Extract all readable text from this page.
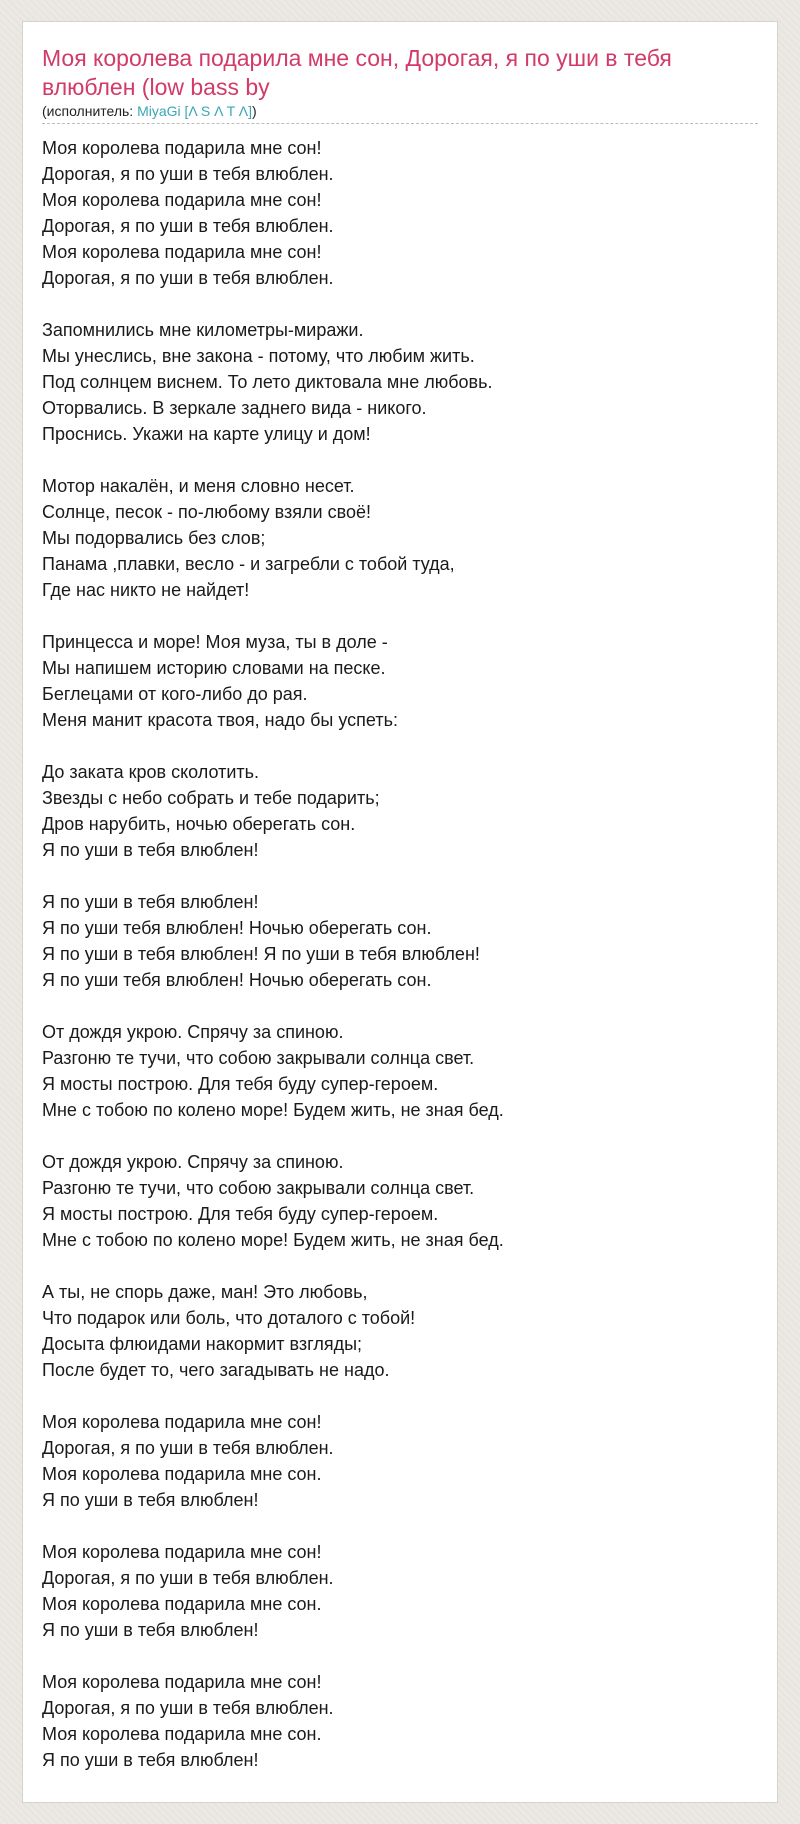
Моя королева подарила мне сон, Дорогая, я по уши в тебя влюблен (low bass by
(исполнитель: MiyaGi [Λ S Λ T Λ])
Моя королева подарила мне сон!
Дорогая, я по уши в тебя влюблен.
Моя королева подарила мне сон!
Дорогая, я по уши в тебя влюблен.
Моя королева подарила мне сон!
Дорогая, я по уши в тебя влюблен.
Запомнились мне километры-миражи.
Мы унеслись, вне закона - потому, что любим жить.
Под солнцем виснем. То лето диктовала мне любовь.
Оторвались. В зеркале заднего вида - никого.
Проснись. Укажи на карте улицу и дом!
Мотор накалён, и меня словно несет.
Солнце, песок - по-любому взяли своё!
Мы подорвались без слов;
Панама ,плавки, весло - и загребли с тобой туда,
Где нас никто не найдет!
Принцесса и море! Моя муза, ты в доле -
Мы напишем историю словами на песке.
Беглецами от кого-либо до рая.
Меня манит красота твоя, надо бы успеть:
До заката кров сколотить.
Звезды с небо собрать и тебе подарить;
Дров нарубить, ночью оберегать сон.
Я по уши в тебя влюблен!
Я по уши в тебя влюблен!
Я по уши тебя влюблен! Ночью оберегать сон.
Я по уши в тебя влюблен! Я по уши в тебя влюблен!
Я по уши тебя влюблен! Ночью оберегать сон.
От дождя укрою. Спрячу за спиною.
Разгоню те тучи, что собою закрывали солнца свет.
Я мосты построю. Для тебя буду супер-героем.
Мне с тобою по колено море! Будем жить, не зная бед.
От дождя укрою. Спрячу за спиною.
Разгоню те тучи, что собою закрывали солнца свет.
Я мосты построю. Для тебя буду супер-героем.
Мне с тобою по колено море! Будем жить, не зная бед.
А ты, не спорь даже, ман! Это любовь,
Что подарок или боль, что доталого с тобой!
Досыта флюидами накормит взгляды;
После будет то, чего загадывать не надо.
Моя королева подарила мне сон!
Дорогая, я по уши в тебя влюблен.
Моя королева подарила мне сон.
Я по уши в тебя влюблен!
Моя королева подарила мне сон!
Дорогая, я по уши в тебя влюблен.
Моя королева подарила мне сон.
Я по уши в тебя влюблен!
Моя королева подарила мне сон!
Дорогая, я по уши в тебя влюблен.
Моя королева подарила мне сон.
Я по уши в тебя влюблен!
